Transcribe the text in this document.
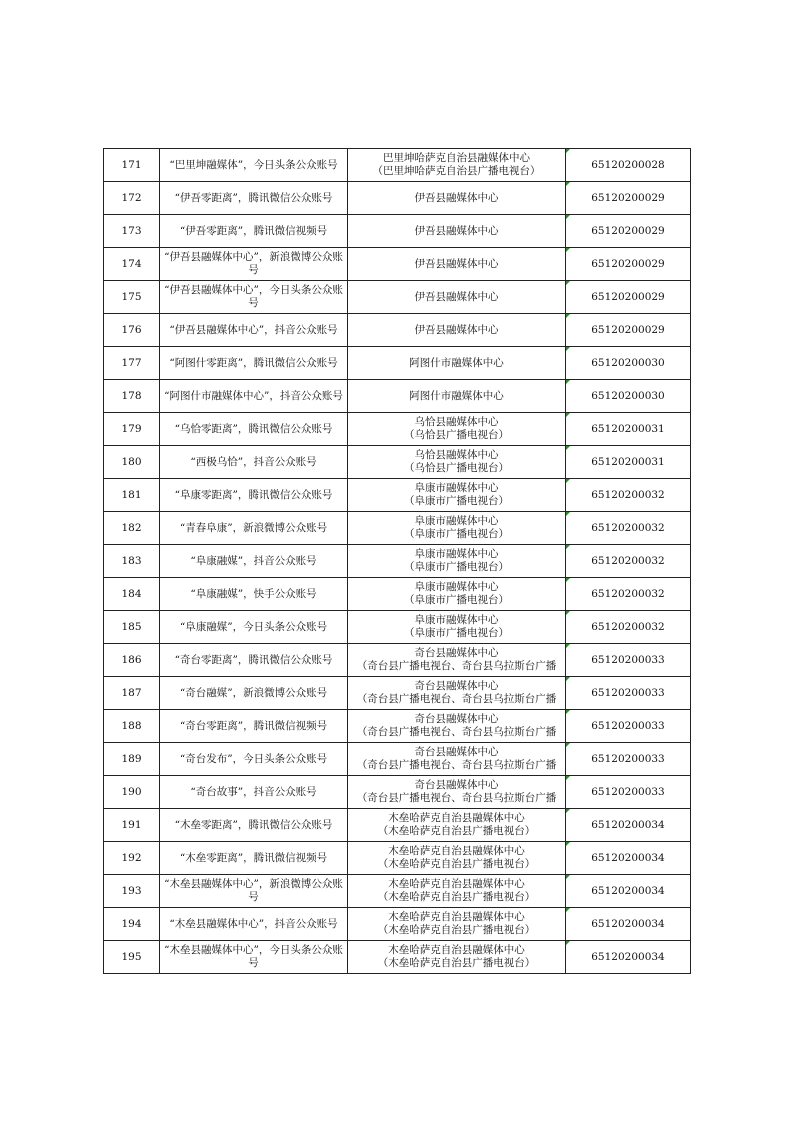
171	“巴里坤融媒体”，今日头条公众账号	巴里坤哈萨克自治县融媒体中心
（巴里坤哈萨克自治县广播电视台）	65120200028
172	“伊吾零距离”，腾讯微信公众账号	伊吾县融媒体中心	65120200029
173	“伊吾零距离”，腾讯微信视频号	伊吾县融媒体中心	65120200029
174	“伊吾县融媒体中心”，新浪微博公众账号	伊吾县融媒体中心	65120200029
175	“伊吾县融媒体中心”，今日头条公众账号	伊吾县融媒体中心	65120200029
176	“伊吾县融媒体中心”，抖音公众账号	伊吾县融媒体中心	65120200029
177	“阿图什零距离”，腾讯微信公众账号	阿图什市融媒体中心	65120200030
178	“阿图什市融媒体中心”，抖音公众账号	阿图什市融媒体中心	65120200030
179	“乌恰零距离”，腾讯微信公众账号	乌恰县融媒体中心
（乌恰县广播电视台）	65120200031
180	“西极乌恰”，抖音公众账号	乌恰县融媒体中心
（乌恰县广播电视台）	65120200031
181	“阜康零距离”，腾讯微信公众账号	阜康市融媒体中心
（阜康市广播电视台）	65120200032
182	“青春阜康”，新浪微博公众账号	阜康市融媒体中心
（阜康市广播电视台）	65120200032
183	“阜康融媒”，抖音公众账号	阜康市融媒体中心
（阜康市广播电视台）	65120200032
184	“阜康融媒”，快手公众账号	阜康市融媒体中心
（阜康市广播电视台）	65120200032
185	“阜康融媒”，今日头条公众账号	阜康市融媒体中心
（阜康市广播电视台）	65120200032
186	“奇台零距离”，腾讯微信公众账号	奇台县融媒体中心
（奇台县广播电视台、奇台县乌拉斯台广播	65120200033
187	“奇台融媒”，新浪微博公众账号	奇台县融媒体中心
（奇台县广播电视台、奇台县乌拉斯台广播	65120200033
188	“奇台零距离”，腾讯微信视频号	奇台县融媒体中心
（奇台县广播电视台、奇台县乌拉斯台广播	65120200033
189	“奇台发布”，今日头条公众账号	奇台县融媒体中心
（奇台县广播电视台、奇台县乌拉斯台广播	65120200033
190	“奇台故事”，抖音公众账号	奇台县融媒体中心
（奇台县广播电视台、奇台县乌拉斯台广播	65120200033
191	“木垒零距离”，腾讯微信公众账号	木垒哈萨克自治县融媒体中心
（木垒哈萨克自治县广播电视台）	65120200034
192	“木垒零距离”，腾讯微信视频号	木垒哈萨克自治县融媒体中心
（木垒哈萨克自治县广播电视台）	65120200034
193	“木垒县融媒体中心”，新浪微博公众账号	木垒哈萨克自治县融媒体中心
（木垒哈萨克自治县广播电视台）	65120200034
194	“木垒县融媒体中心”，抖音公众账号	木垒哈萨克自治县融媒体中心
（木垒哈萨克自治县广播电视台）	65120200034
195	“木垒县融媒体中心”，今日头条公众账号	木垒哈萨克自治县融媒体中心
（木垒哈萨克自治县广播电视台）	65120200034
